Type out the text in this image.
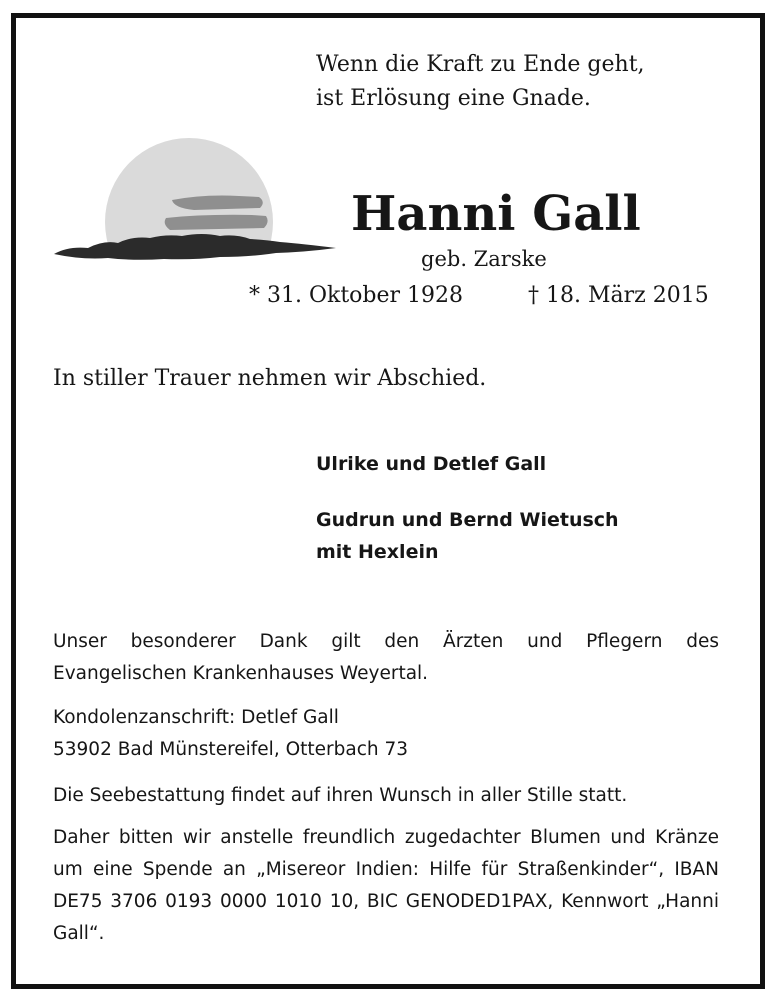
Wenn die Kraft zu Ende geht,
ist Erlösung eine Gnade.
Hanni Gall
geb. Zarske
* 31. Oktober 1928	† 18. März 2015
In stiller Trauer nehmen wir Abschied.
Ulrike und Detlef Gall
Gudrun und Bernd Wietusch
mit Hexlein
Unser besonderer Dank gilt den Ärzten und Pflegern des
Evangelischen Krankenhauses Weyertal.
Kondolenzanschrift: Detlef Gall
53902 Bad Münstereifel, Otterbach 73
Die Seebestattung findet auf ihren Wunsch in aller Stille statt.
Daher bitten wir anstelle freundlich zugedachter Blumen und Kränze um eine Spende an „Misereor Indien: Hilfe für Straßenkinder“, IBAN DE75 3706 0193 0000 1010 10, BIC GENODED1PAX, Kennwort „Hanni Gall“.
